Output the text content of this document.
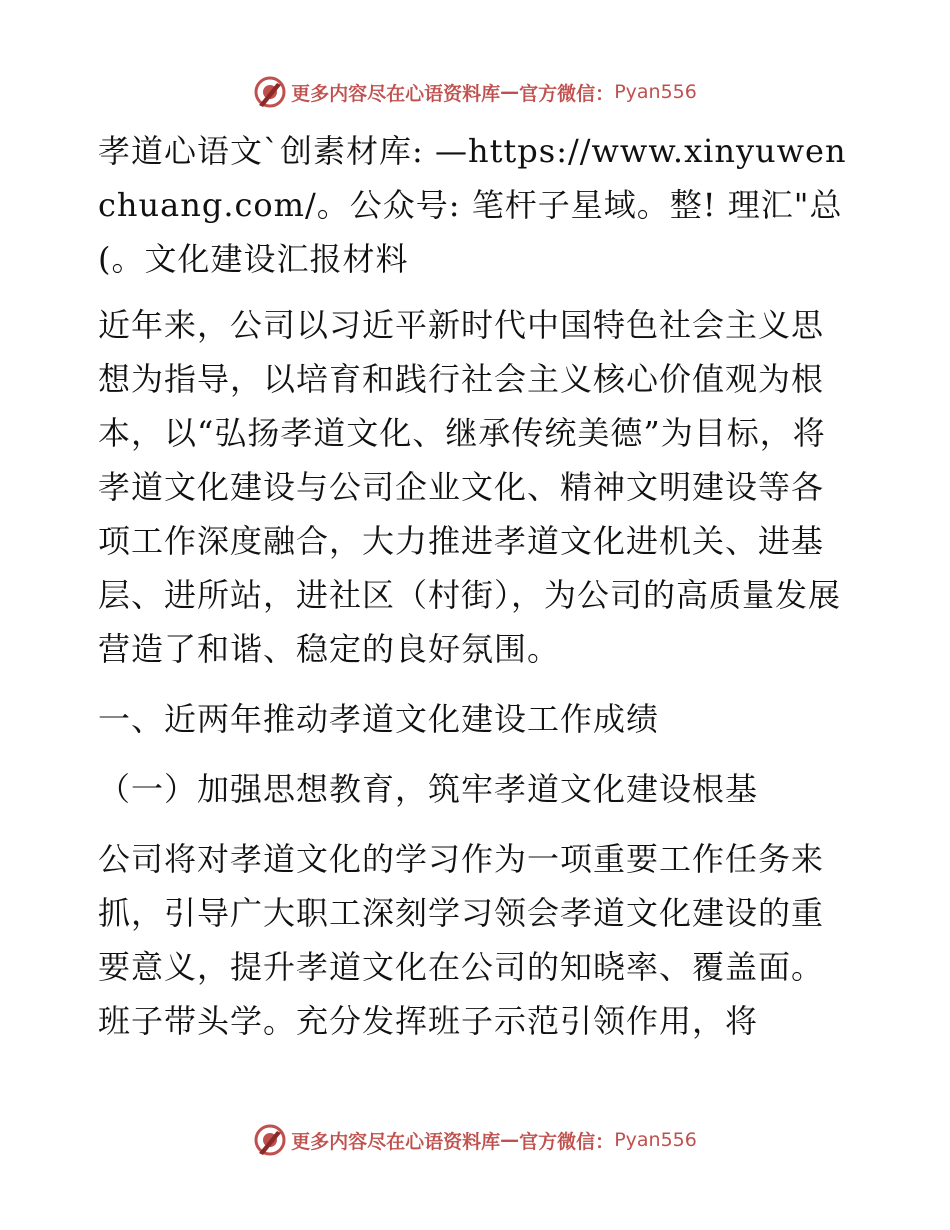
更多内容尽在心语资料库 — 官方微信： Pyan556

孝道心语文`创素材库: —https://www.xinyuwenchuang.com/。公众号: 笔杆子星域。整! 理汇"总 (。文化建设汇报材料

近年来，公司以习近平新时代中国特色社会主义思想为指导，以培育和践行社会主义核心价值观为根本，以“弘扬孝道文化、继承传统美德”为目标，将孝道文化建设与公司企业文化、精神文明建设等各项工作深度融合，大力推进孝道文化进机关、进基层、进所站，进社区（村街），为公司的高质量发展营造了和谐、稳定的良好氛围。

一、近两年推动孝道文化建设工作成绩

（一）加强思想教育，筑牢孝道文化建设根基

公司将对孝道文化的学习作为一项重要工作任务来抓，引导广大职工深刻学习领会孝道文化建设的重要意义，提升孝道文化在公司的知晓率、覆盖面。班子带头学。充分发挥班子示范引领作用，将

更多内容尽在心语资料库 — 官方微信： Pyan556
